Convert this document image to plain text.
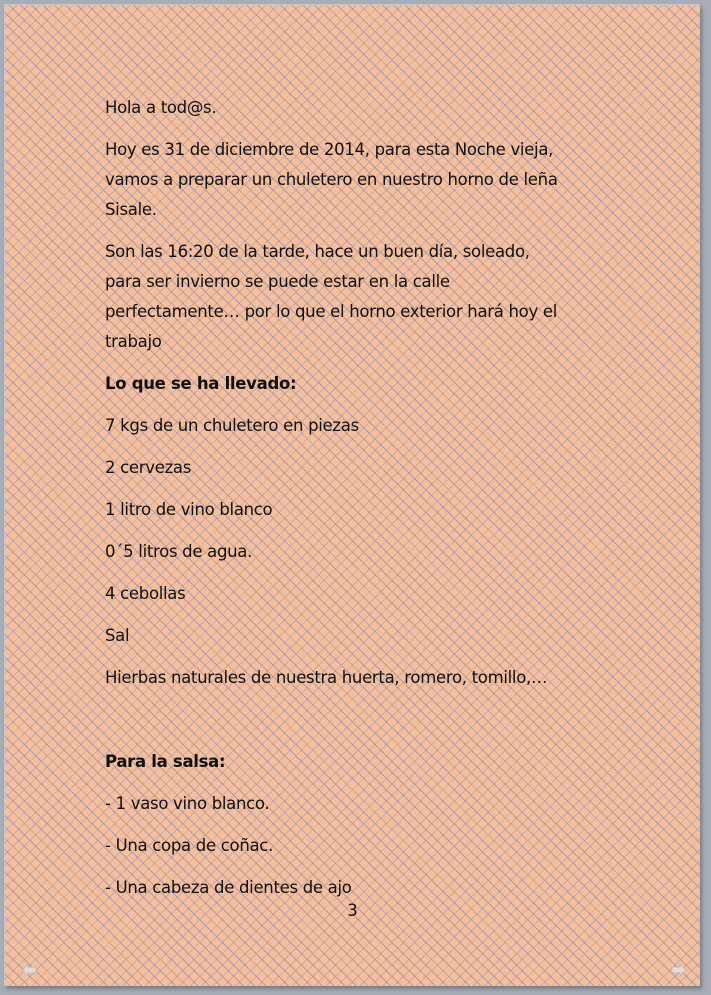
Hola a tod@s.

Hoy es 31 de diciembre de 2014, para esta Noche vieja,

vamos a preparar un chuletero en nuestro horno de leña

Sisale.

Son las 16:20 de la tarde, hace un buen día, soleado,

para ser invierno se puede estar en la calle

perfectamente… por lo que el horno exterior hará hoy el

trabajo

Lo que se ha llevado:

7 kgs de un chuletero en piezas

2 cervezas

1 litro de vino blanco

0´5 litros de agua.

4 cebollas

Sal

Hierbas naturales de nuestra huerta, romero, tomillo,…

Para la salsa:

- 1 vaso vino blanco.

- Una copa de coñac.

- Una cabeza de dientes de ajo

3
